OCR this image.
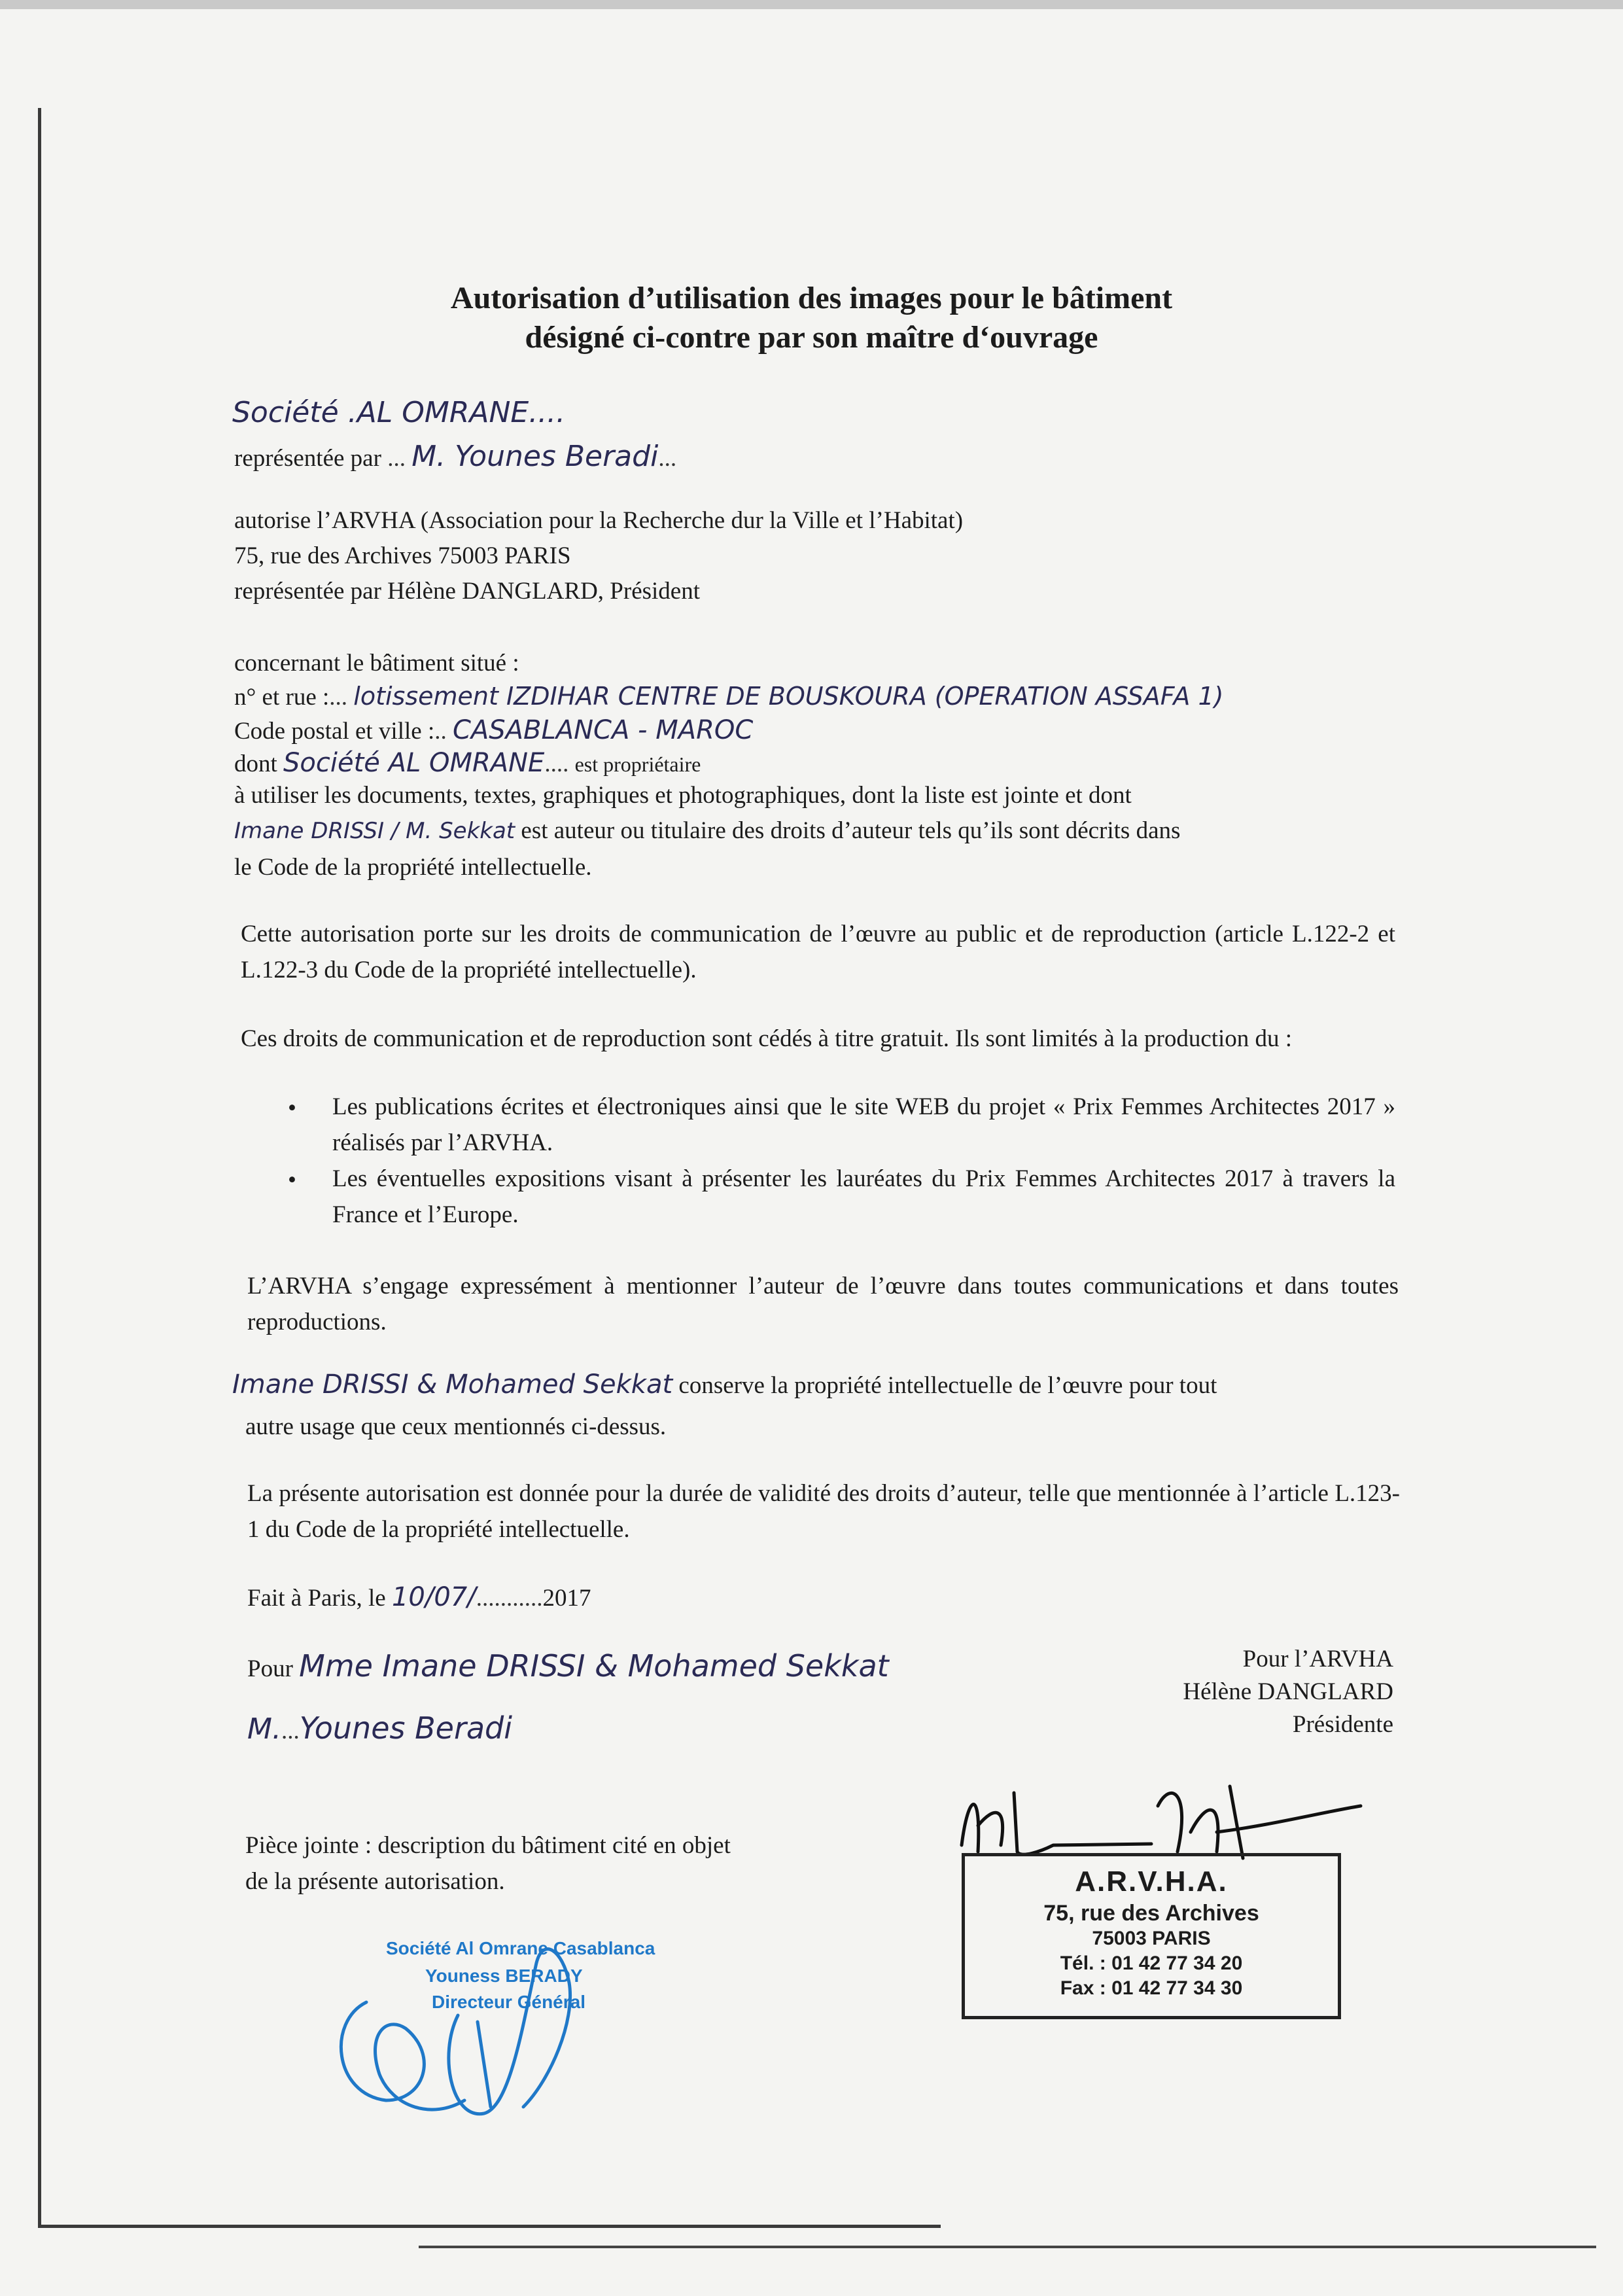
Autorisation d’utilisation des images pour le bâtiment

désigné ci-contre par son maître d‘ouvrage

Société .AL OMRANE....

représentée par ... M. Younes Beradi...

autorise l’ARVHA (Association pour la Recherche dur la Ville et l’Habitat)

75, rue des Archives 75003 PARIS

représentée par Hélène DANGLARD, Président

concernant le bâtiment situé :

n° et rue :... lotissement IZDIHAR CENTRE DE BOUSKOURA (OPERATION ASSAFA 1)

Code postal et ville :.. CASABLANCA - MAROC

dont Société AL OMRANE.... est propriétaire

à utiliser les documents, textes, graphiques et photographiques, dont la liste est jointe et dont

Imane DRISSI / M. Sekkat est auteur ou titulaire des droits d’auteur tels qu’ils sont décrits dans

le Code de la propriété intellectuelle.

Cette autorisation porte sur les droits de communication de l’œuvre au public et de reproduction (article L.122-2 et L.122-3 du Code de la propriété intellectuelle).

Ces droits de communication et de reproduction sont cédés à titre gratuit. Ils sont limités à la production du :

• Les publications écrites et électroniques ainsi que le site WEB du projet « Prix Femmes Architectes 2017 » réalisés par l’ARVHA.

• Les éventuelles expositions visant à présenter les lauréates du Prix Femmes Architectes 2017 à travers la France et l’Europe.

L’ARVHA s’engage expressément à mentionner l’auteur de l’œuvre dans toutes communications et dans toutes reproductions.

Imane DRISSI & Mohamed Sekkat conserve la propriété intellectuelle de l’œuvre pour tout

autre usage que ceux mentionnés ci-dessus.

La présente autorisation est donnée pour la durée de validité des droits d’auteur, telle que mentionnée à l’article L.123-1 du Code de la propriété intellectuelle.

Fait à Paris, le 10/07/...........2017

Pour Mme Imane DRISSI & Mohamed Sekkat

M....Younes Beradi

Pour l’ARVHA

Hélène DANGLARD

Présidente

Pièce jointe : description du bâtiment cité en objet

de la présente autorisation.	A.R.V.H.A.
75, rue des Archives
75003 PARIS
Tél. : 01 42 77 34 20
Fax : 01 42 77 34 30
Société Al Omrane Casablanca
Youness BERADY
Directeur Général
